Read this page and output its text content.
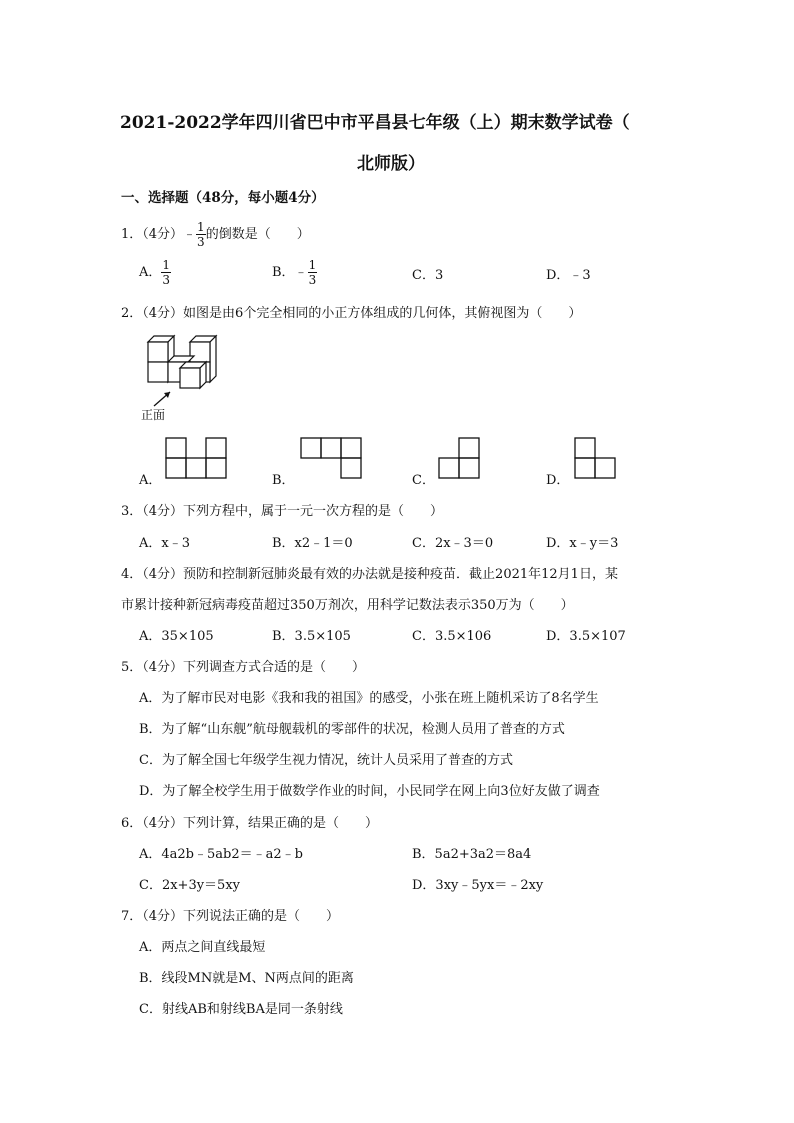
2021-2022学年四川省巴中市平昌县七年级（上）期末数学试卷（
北师版）
一、选择题（48分，每小题4分）
1．（4分）﹣ $\frac{1}{3}$ 的倒数是（　　）
A． $\frac{1}{3}$	B．﹣ $\frac{1}{3}$	C．3	D．﹣3
2．（4分）如图是由6个完全相同的小正方体组成的几何体，其俯视图为（　　）
正面
A．	B．	C．	D．
3．（4分）下列方程中，属于一元一次方程的是（　　）
A．x﹣3	B．x2﹣1＝0	C．2x﹣3＝0	D．x﹣y＝3
4．（4分）预防和控制新冠肺炎最有效的办法就是接种疫苗．截止2021年12月1日，某
市累计接种新冠病毒疫苗超过350万剂次，用科学记数法表示350万为（　　）
A．35×105	B．3.5×105	C．3.5×106	D．3.5×107
5．（4分）下列调查方式合适的是（　　）
A．为了解市民对电影《我和我的祖国》的感受，小张在班上随机采访了8名学生
B．为了解“山东舰”航母舰载机的零部件的状况，检测人员用了普查的方式
C．为了解全国七年级学生视力情况，统计人员采用了普查的方式
D．为了解全校学生用于做数学作业的时间，小民同学在网上向3位好友做了调查
6．（4分）下列计算，结果正确的是（　　）
A．4a2b﹣5ab2＝﹣a2﹣b	B．5a2+3a2＝8a4
C．2x+3y＝5xy	D．3xy﹣5yx＝﹣2xy
7．（4分）下列说法正确的是（　　）
A．两点之间直线最短
B．线段MN就是M、N两点间的距离
C．射线AB和射线BA是同一条射线
